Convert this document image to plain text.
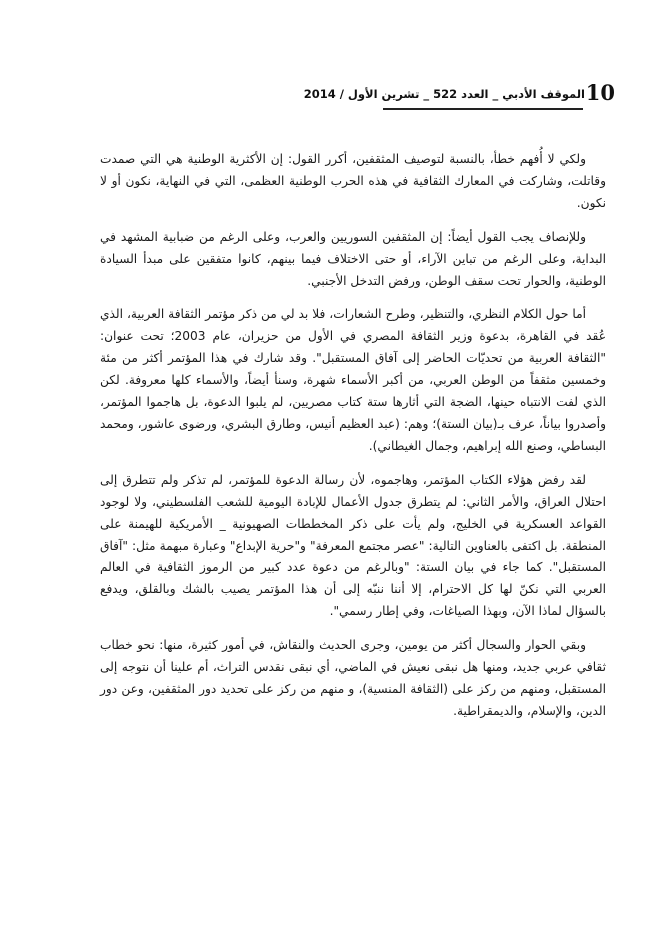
الموقف الأدبي _ العدد 522 _ تشرين الأول / 2014 10

ولكي لا أُفهم خطأ، بالنسبة لتوصيف المثقفين، أكرر القول: إن الأكثرية الوطنية هي التي صمدت وقاتلت، وشاركت في المعارك الثقافية في هذه الحرب الوطنية العظمى، التي في النهاية، نكون أو لا نكون.

وللإنصاف يجب القول أيضاً: إن المثقفين السوريين والعرب، وعلى الرغم من ضبابية المشهد في البداية، وعلى الرغم من تباين الآراء، أو حتى الاختلاف فيما بينهم، كانوا متفقين على مبدأ السيادة الوطنية، والحوار تحت سقف الوطن، ورفض التدخل الأجنبي.

أما حول الكلام النظري، والتنظير، وطرح الشعارات، فلا بد لي من ذكر مؤتمر الثقافة العربية، الذي عُقد في القاهرة، بدعوة وزير الثقافة المصري في الأول من حزيران، عام 2003؛ تحت عنوان: "الثقافة العربية من تحديّات الحاضر إلى آفاق المستقبل". وقد شارك في هذا المؤتمر أكثر من مئة وخمسين مثقفاً من الوطن العربي، من أكبر الأسماء شهرة، وسنأ أيضاً، والأسماء كلها معروفة. لكن الذي لفت الانتباه حينها، الضجة التي أثارها ستة كتاب مصريين، لم يلبوا الدعوة، بل هاجموا المؤتمر، وأصدروا بياناً، عرف بـ(بيان الستة)؛ وهم: (عبد العظيم أنيس، وطارق البشري، ورضوى عاشور، ومحمد البساطي، وصنع الله إبراهيم، وجمال الغيطاني).

لقد رفض هؤلاء الكتاب المؤتمر، وهاجموه، لأن رسالة الدعوة للمؤتمر، لم تذكر ولم تتطرق إلى احتلال العراق، والأمر الثاني: لم يتطرق جدول الأعمال للإبادة اليومية للشعب الفلسطيني، ولا لوجود القواعد العسكرية في الخليج، ولم يأت على ذكر المخططات الصهيونية _ الأمريكية للهيمنة على المنطقة. بل اكتفى بالعناوين التالية: "عصر مجتمع المعرفة" و"حرية الإبداع" وعبارة مبهمة مثل: "آفاق المستقبل". كما جاء في بيان الستة: "وبالرغم من دعوة عدد كبير من الرموز الثقافية في العالم العربي التي نكنّ لها كل الاحترام، إلا أننا ننبّه إلى أن هذا المؤتمر يصيب بالشك وبالقلق، ويدفع بالسؤال لماذا الآن، وبهذا الصياغات، وفي إطار رسمي".

وبقي الحوار والسجال أكثر من يومين، وجرى الحديث والنقاش، في أمور كثيرة، منها: نحو خطاب ثقافي عربي جديد، ومنها هل نبقى نعيش في الماضي، أي نبقى نقدس التراث، أم علينا أن نتوجه إلى المستقبل، ومنهم من ركز على (الثقافة المنسية)، و منهم من ركز على تحديد دور المثقفين، وعن دور الدين، والإسلام، والديمقراطية.
